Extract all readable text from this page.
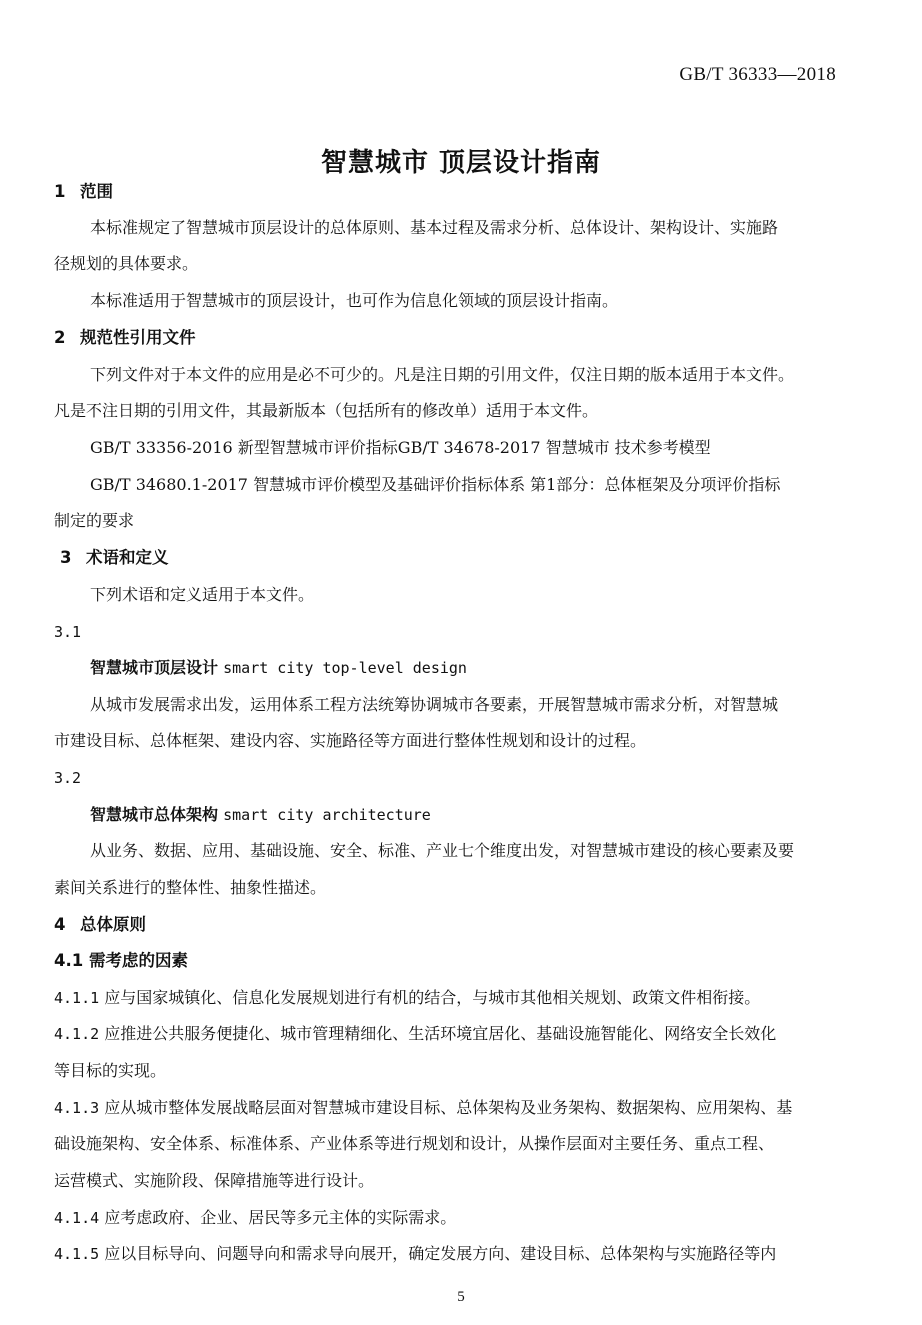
GB/T 36333—2018
智慧城市 顶层设计指南
1 范围
本标准规定了智慧城市顶层设计的总体原则、基本过程及需求分析、总体设计、架构设计、实施路
径规划的具体要求。
本标准适用于智慧城市的顶层设计，也可作为信息化领域的顶层设计指南。
2 规范性引用文件
下列文件对于本文件的应用是必不可少的。凡是注日期的引用文件，仅注日期的版本适用于本文件。
凡是不注日期的引用文件，其最新版本（包括所有的修改单）适用于本文件。
GB/T 33356-2016 新型智慧城市评价指标GB/T 34678-2017 智慧城市 技术参考模型
GB/T 34680.1-2017 智慧城市评价模型及基础评价指标体系 第1部分：总体框架及分项评价指标
制定的要求
3 术语和定义
下列术语和定义适用于本文件。
3.1
智慧城市顶层设计 smart city top-level design
从城市发展需求出发，运用体系工程方法统筹协调城市各要素，开展智慧城市需求分析，对智慧城
市建设目标、总体框架、建设内容、实施路径等方面进行整体性规划和设计的过程。
3.2
智慧城市总体架构 smart city architecture
从业务、数据、应用、基础设施、安全、标准、产业七个维度出发，对智慧城市建设的核心要素及要
素间关系进行的整体性、抽象性描述。
4 总体原则
4.1 需考虑的因素
4.1.1 应与国家城镇化、信息化发展规划进行有机的结合，与城市其他相关规划、政策文件相衔接。
4.1.2 应推进公共服务便捷化、城市管理精细化、生活环境宜居化、基础设施智能化、网络安全长效化
等目标的实现。
4.1.3 应从城市整体发展战略层面对智慧城市建设目标、总体架构及业务架构、数据架构、应用架构、基
础设施架构、安全体系、标准体系、产业体系等进行规划和设计，从操作层面对主要任务、重点工程、
运营模式、实施阶段、保障措施等进行设计。
4.1.4 应考虑政府、企业、居民等多元主体的实际需求。
4.1.5 应以目标导向、问题导向和需求导向展开，确定发展方向、建设目标、总体架构与实施路径等内
5
